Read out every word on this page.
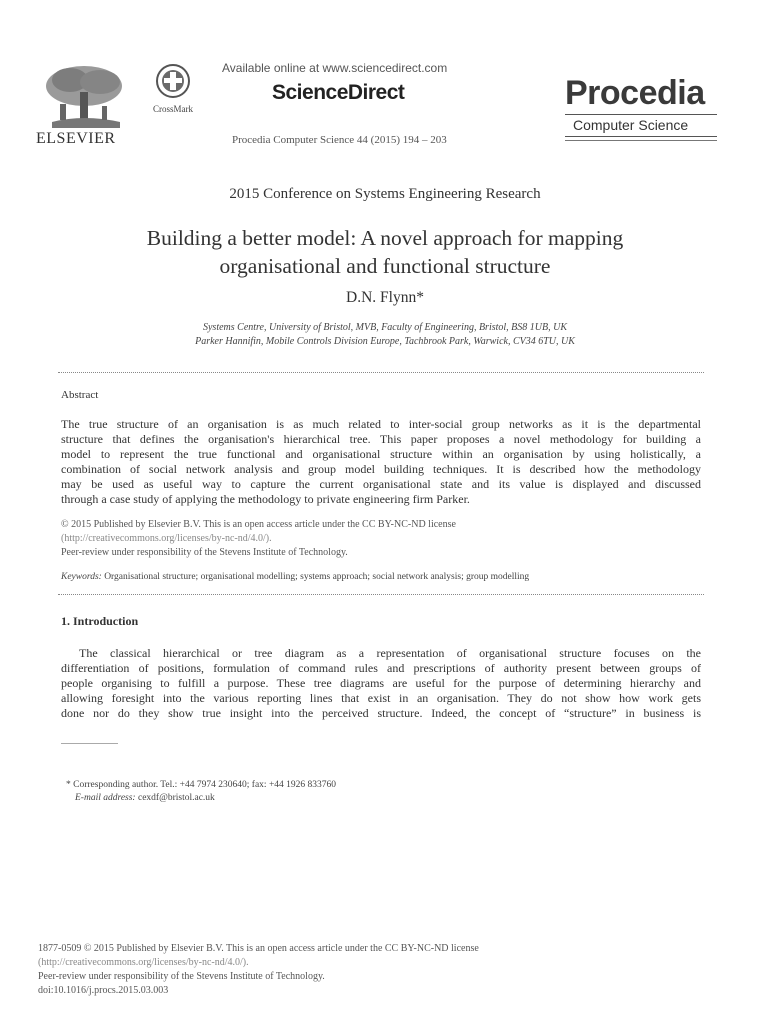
ELSEVIER
CrossMark
Available online at www.sciencedirect.com
ScienceDirect
Procedia Computer Science 44 (2015) 194 – 203
Procedia
Computer Science
2015 Conference on Systems Engineering Research
Building a better model: A novel approach for mapping
organisational and functional structure
D.N. Flynn*
Systems Centre, University of Bristol, MVB, Faculty of Engineering, Bristol, BS8 1UB, UK
Parker Hannifin, Mobile Controls Division Europe, Tachbrook Park, Warwick, CV34 6TU, UK
Abstract
The true structure of an organisation is as much related to inter-social group networks as it is the departmental
structure that defines the organisation's hierarchical tree. This paper proposes a novel methodology for building a
model to represent the true functional and organisational structure within an organisation by using holistically, a
combination of social network analysis and group model building techniques. It is described how the methodology
may be used as useful way to capture the current organisational state and its value is displayed and discussed
through a case study of applying the methodology to private engineering firm Parker.
© 2015 Published by Elsevier B.V. This is an open access article under the CC BY-NC-ND license
(http://creativecommons.org/licenses/by-nc-nd/4.0/).
Peer-review under responsibility of the Stevens Institute of Technology.
Keywords: Organisational structure; organisational modelling; systems approach; social network analysis; group modelling
1. Introduction
The classical hierarchical or tree diagram as a representation of organisational structure focuses on the
differentiation of positions, formulation of command rules and prescriptions of authority present between groups of
people organising to fulfill a purpose. These tree diagrams are useful for the purpose of determining hierarchy and
allowing foresight into the various reporting lines that exist in an organisation. They do not show how work gets
done nor do they show true insight into the perceived structure. Indeed, the concept of “structure” in business is
* Corresponding author. Tel.: +44 7974 230640; fax: +44 1926 833760
E-mail address: cexdf@bristol.ac.uk
1877-0509 © 2015 Published by Elsevier B.V. This is an open access article under the CC BY-NC-ND license
(http://creativecommons.org/licenses/by-nc-nd/4.0/).
Peer-review under responsibility of the Stevens Institute of Technology.
doi:10.1016/j.procs.2015.03.003
